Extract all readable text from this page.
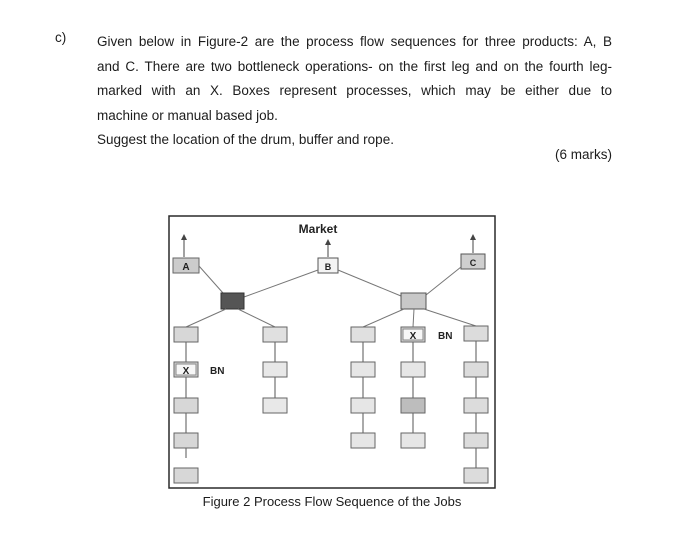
c) Given below in Figure-2 are the process flow sequences for three products: A, B
and C. There are two bottleneck operations- on the first leg and on the fourth leg-
marked with an X. Boxes represent processes, which may be either due to
machine or manual based job.
Suggest the location of the drum, buffer and rope.
(6 marks)
Market
A	B	C
X BN
X BN
Figure 2 Process Flow Sequence of the Jobs
